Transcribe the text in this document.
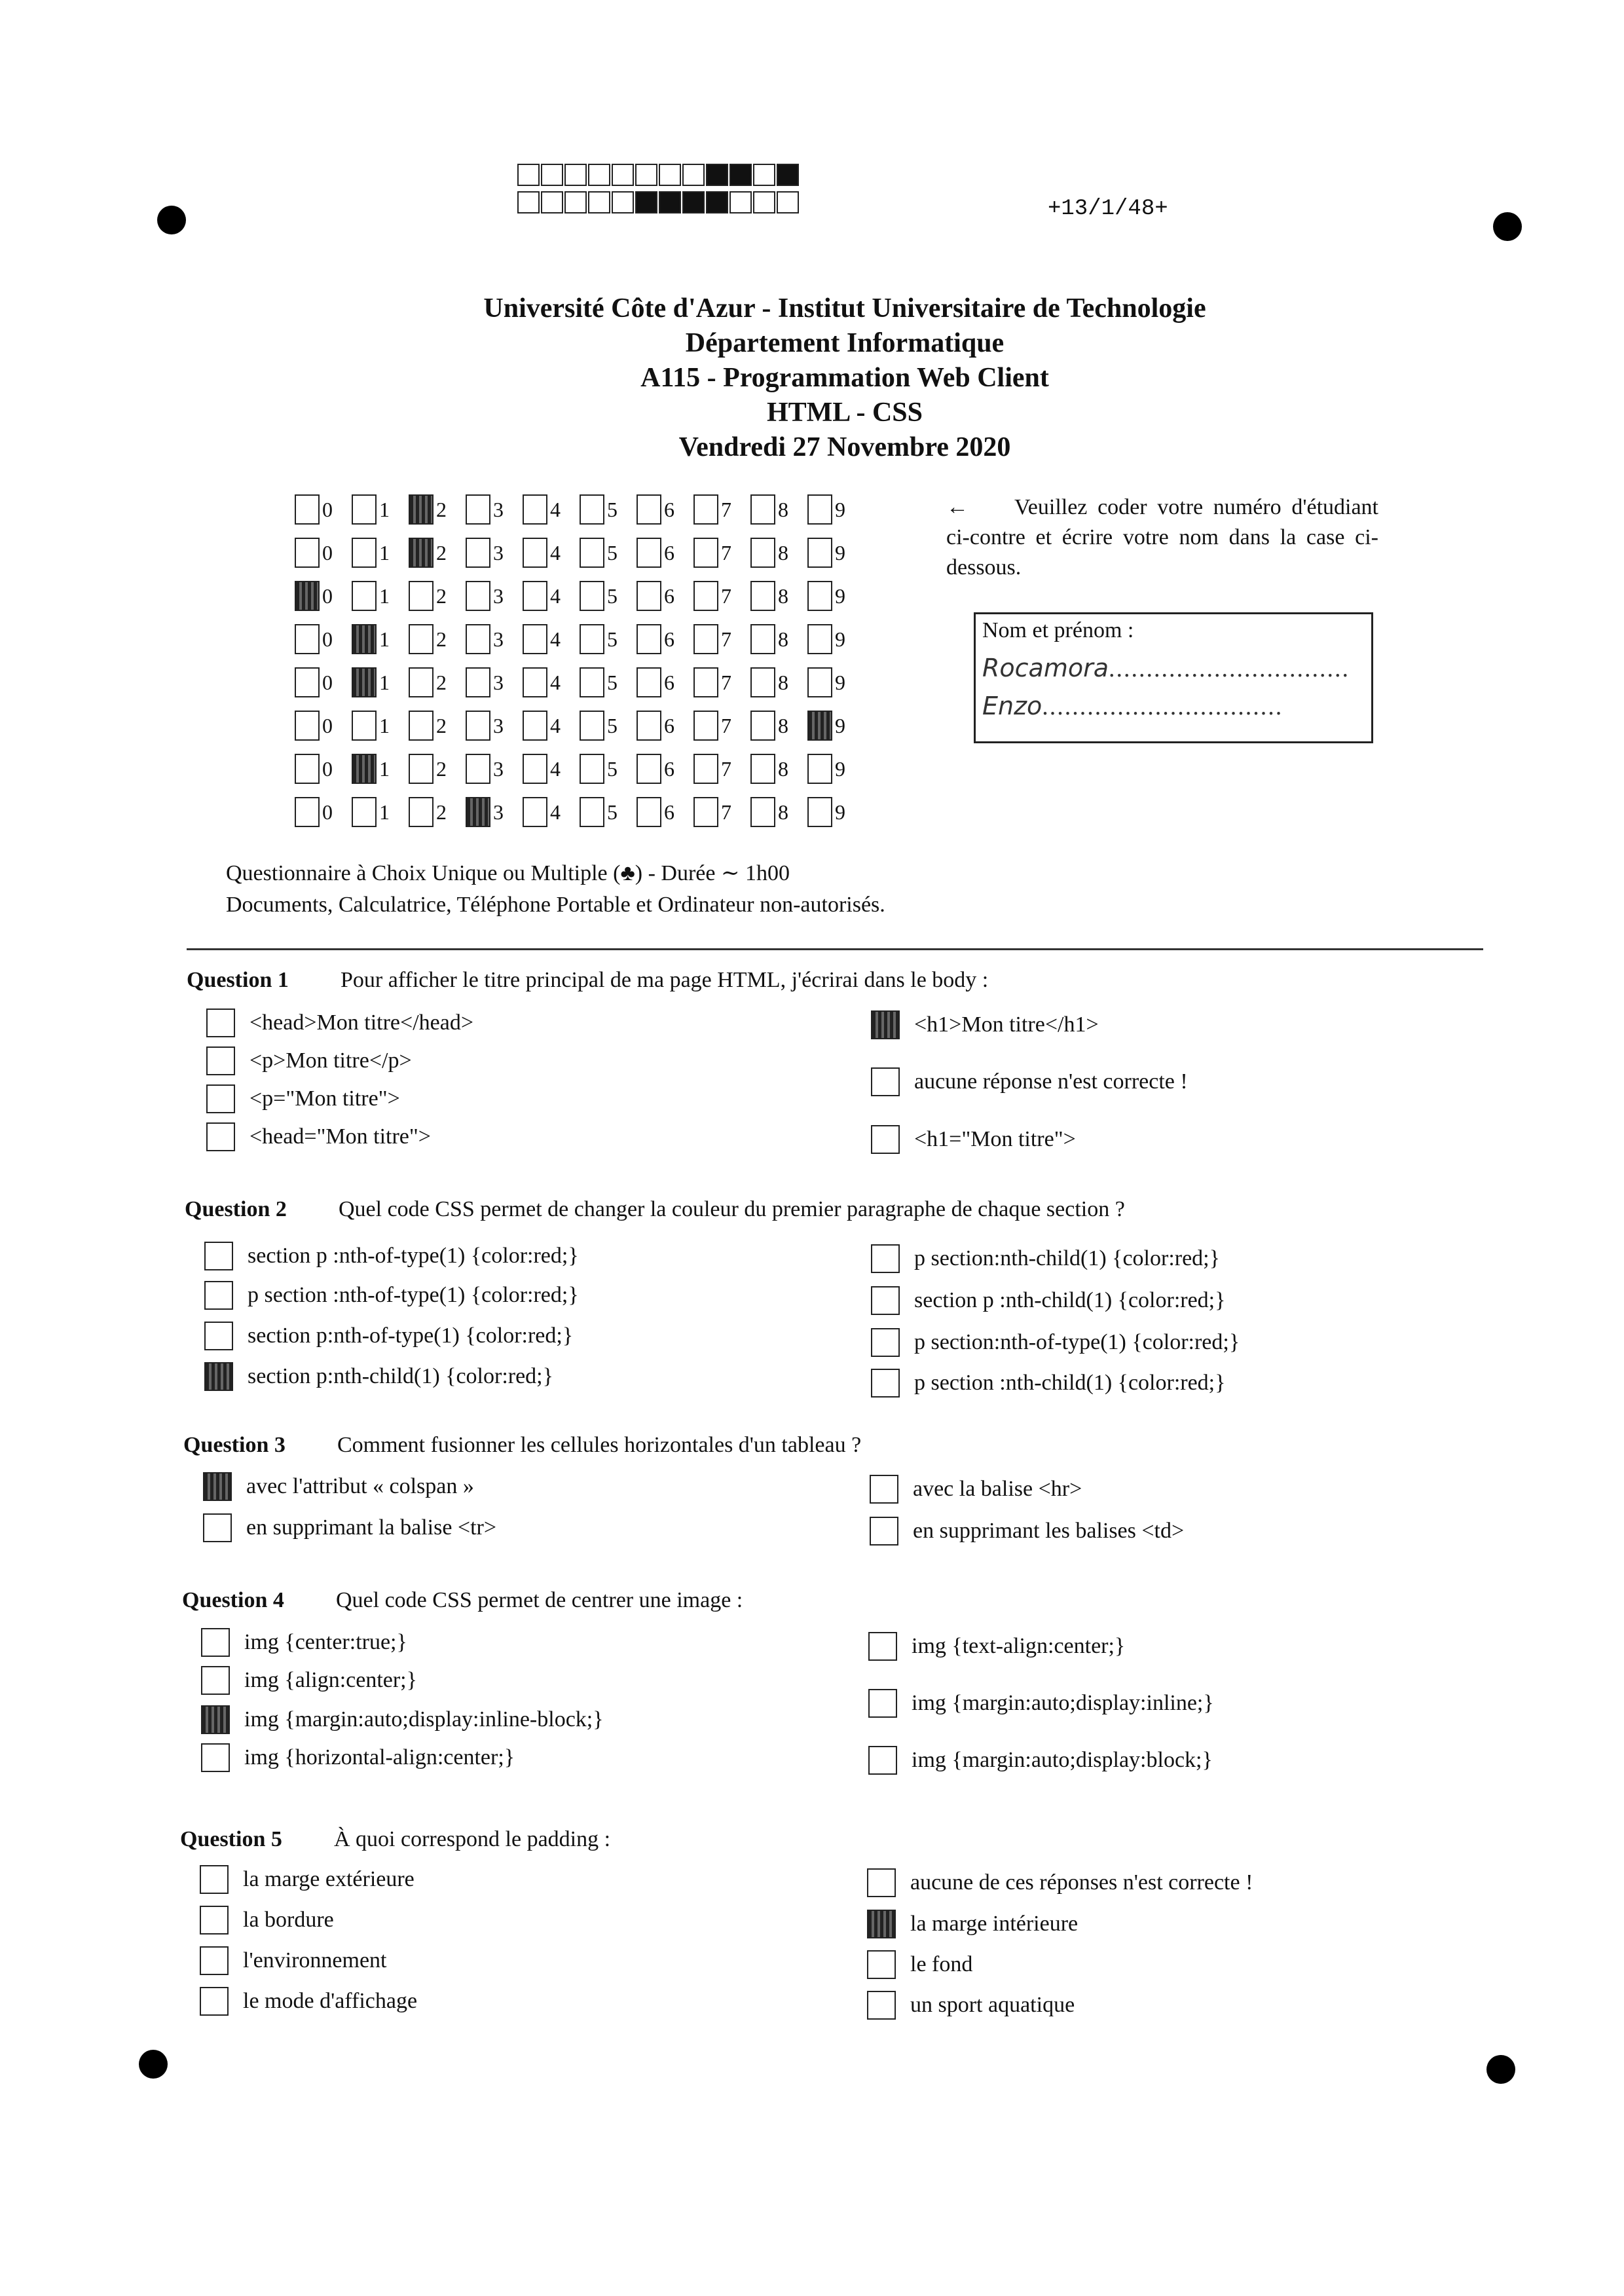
+13/1/48+
Université Côte d'Azur - Institut Universitaire de Technologie
Département Informatique
A115 - Programmation Web Client
HTML - CSS
Vendredi 27 Novembre 2020
0 1 2 3 4 5 6 7 8 9
0 1 2 3 4 5 6 7 8 9
0 1 2 3 4 5 6 7 8 9
0 1 2 3 4 5 6 7 8 9
0 1 2 3 4 5 6 7 8 9
0 1 2 3 4 5 6 7 8 9
0 1 2 3 4 5 6 7 8 9
0 1 2 3 4 5 6 7 8 9
← Veuillez coder votre numéro d'étudiant ci-contre et écrire votre nom dans la case ci-dessous.
Nom et prénom :
Rocamora................................
Enzo................................
Questionnaire à Choix Unique ou Multiple (♣) - Durée ∼ 1h00
Documents, Calculatrice, Téléphone Portable et Ordinateur non-autorisés.
Question 1 Pour afficher le titre principal de ma page HTML, j'écrirai dans le body :
<head>Mon titre</head>
<p>Mon titre</p>
<p="Mon titre">
<head="Mon titre">
<h1>Mon titre</h1>
aucune réponse n'est correcte !
<h1="Mon titre">
Question 2 Quel code CSS permet de changer la couleur du premier paragraphe de chaque section ?
section p :nth-of-type(1) {color:red;}
p section :nth-of-type(1) {color:red;}
section p:nth-of-type(1) {color:red;}
section p:nth-child(1) {color:red;}
p section:nth-child(1) {color:red;}
section p :nth-child(1) {color:red;}
p section:nth-of-type(1) {color:red;}
p section :nth-child(1) {color:red;}
Question 3 Comment fusionner les cellules horizontales d'un tableau ?
avec l'attribut « colspan »
en supprimant la balise <tr>
avec la balise <hr>
en supprimant les balises <td>
Question 4 Quel code CSS permet de centrer une image :
img {center:true;}
img {align:center;}
img {margin:auto;display:inline-block;}
img {horizontal-align:center;}
img {text-align:center;}
img {margin:auto;display:inline;}
img {margin:auto;display:block;}
Question 5 À quoi correspond le padding :
la marge extérieure
la bordure
l'environnement
le mode d'affichage
aucune de ces réponses n'est correcte !
la marge intérieure
le fond
un sport aquatique
